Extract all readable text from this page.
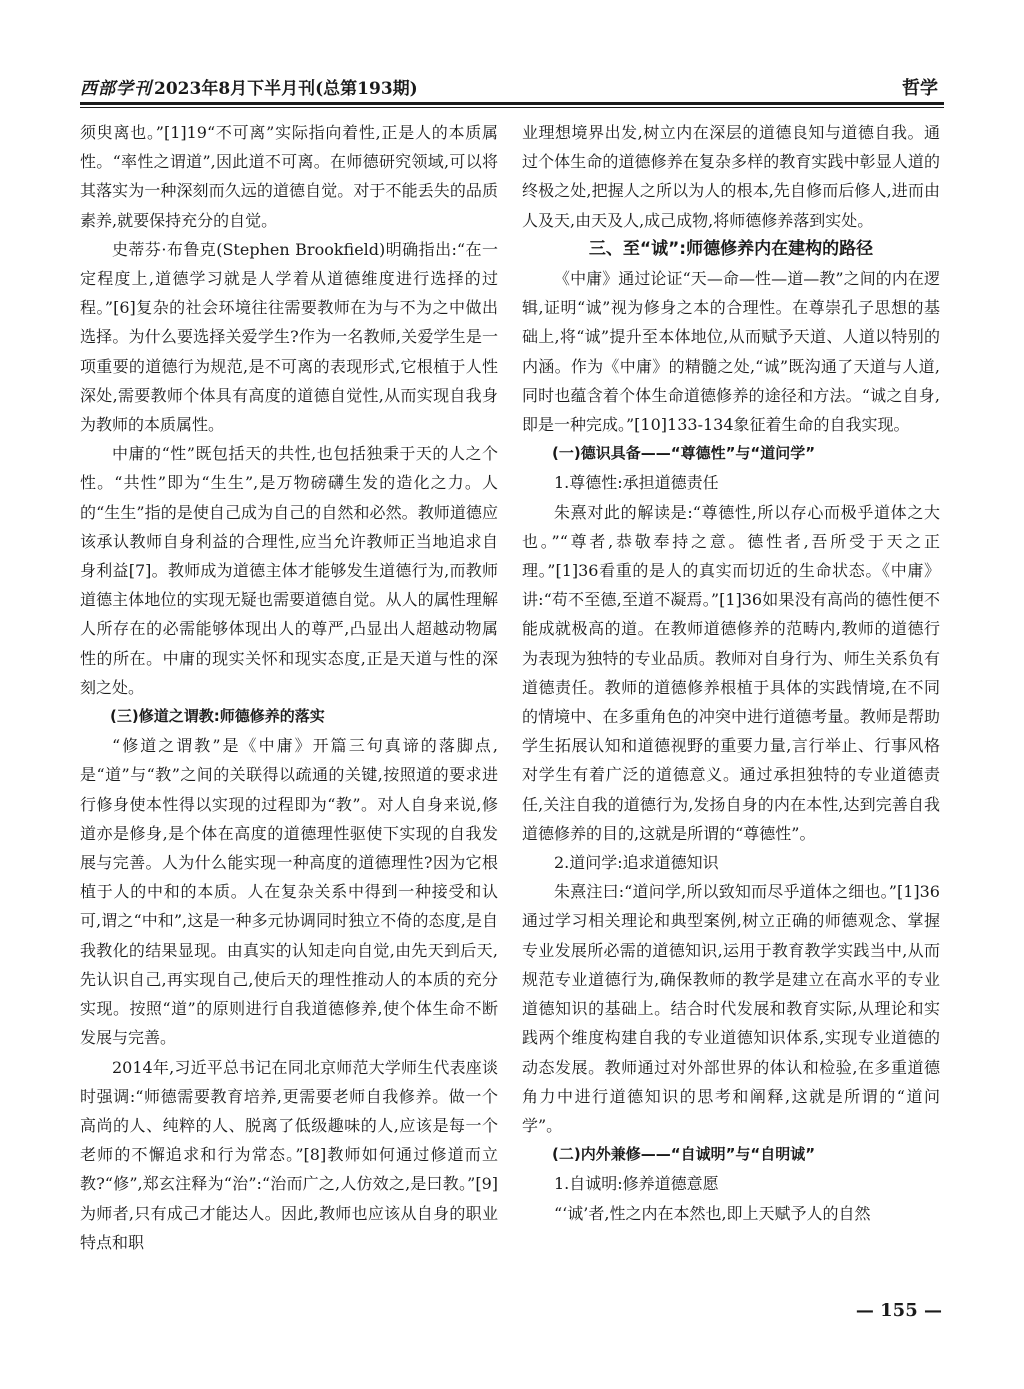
西部学刊 2023年8月下半月刊(总第193期)	哲学

须臾离也。”[1]19“不可离”实际指向着性,正是人的本质属性。“率性之谓道”,因此道不可离。在师德研究领域,可以将其落实为一种深刻而久远的道德自觉。对于不能丢失的品质素养,就要保持充分的自觉。

史蒂芬·布鲁克(Stephen Brookfield)明确指出:“在一定程度上,道德学习就是人学着从道德维度进行选择的过程。”[6]复杂的社会环境往往需要教师在为与不为之中做出选择。为什么要选择关爱学生?作为一名教师,关爱学生是一项重要的道德行为规范,是不可离的表现形式,它根植于人性深处,需要教师个体具有高度的道德自觉性,从而实现自我身为教师的本质属性。

中庸的“性”既包括天的共性,也包括独秉于天的人之个性。“共性”即为“生生”,是万物磅礴生发的造化之力。人的“生生”指的是使自己成为自己的自然和必然。教师道德应该承认教师自身利益的合理性,应当允许教师正当地追求自身利益[7]。教师成为道德主体才能够发生道德行为,而教师道德主体地位的实现无疑也需要道德自觉。从人的属性理解人所存在的必需能够体现出人的尊严,凸显出人超越动物属性的所在。中庸的现实关怀和现实态度,正是天道与性的深刻之处。

(三)修道之谓教:师德修养的落实

“修道之谓教”是《中庸》开篇三句真谛的落脚点,是“道”与“教”之间的关联得以疏通的关键,按照道的要求进行修身使本性得以实现的过程即为“教”。对人自身来说,修道亦是修身,是个体在高度的道德理性驱使下实现的自我发展与完善。人为什么能实现一种高度的道德理性?因为它根植于人的中和的本质。人在复杂关系中得到一种接受和认可,谓之“中和”,这是一种多元协调同时独立不倚的态度,是自我教化的结果显现。由真实的认知走向自觉,由先天到后天,先认识自己,再实现自己,使后天的理性推动人的本质的充分实现。按照“道”的原则进行自我道德修养,使个体生命不断发展与完善。

2014年,习近平总书记在同北京师范大学师生代表座谈时强调:“师德需要教育培养,更需要老师自我修养。做一个高尚的人、纯粹的人、脱离了低级趣味的人,应该是每一个老师的不懈追求和行为常态。”[8]教师如何通过修道而立教?“修”,郑玄注释为“治”:“治而广之,人仿效之,是曰教。”[9]为师者,只有成己才能达人。因此,教师也应该从自身的职业特点和职

业理想境界出发,树立内在深层的道德良知与道德自我。通过个体生命的道德修养在复杂多样的教育实践中彰显人道的终极之处,把握人之所以为人的根本,先自修而后修人,进而由人及天,由天及人,成己成物,将师德修养落到实处。

三、至“诚”:师德修养内在建构的路径

《中庸》通过论证“天—命—性—道—教”之间的内在逻辑,证明“诚”视为修身之本的合理性。在尊崇孔子思想的基础上,将“诚”提升至本体地位,从而赋予天道、人道以特别的内涵。作为《中庸》的精髓之处,“诚”既沟通了天道与人道,同时也蕴含着个体生命道德修养的途径和方法。“诚之自身,即是一种完成。”[10]133-134象征着生命的自我实现。

(一)德识具备——“尊德性”与“道问学”

1.尊德性:承担道德责任

朱熹对此的解读是:“尊德性,所以存心而极乎道体之大也。”“尊者,恭敬奉持之意。德性者,吾所受于天之正理。”[1]36看重的是人的真实而切近的生命状态。《中庸》讲:“苟不至德,至道不凝焉。”[1]36如果没有高尚的德性便不能成就极高的道。在教师道德修养的范畴内,教师的道德行为表现为独特的专业品质。教师对自身行为、师生关系负有道德责任。教师的道德修养根植于具体的实践情境,在不同的情境中、在多重角色的冲突中进行道德考量。教师是帮助学生拓展认知和道德视野的重要力量,言行举止、行事风格对学生有着广泛的道德意义。通过承担独特的专业道德责任,关注自我的道德行为,发扬自身的内在本性,达到完善自我道德修养的目的,这就是所谓的“尊德性”。

2.道问学:追求道德知识

朱熹注曰:“道问学,所以致知而尽乎道体之细也。”[1]36通过学习相关理论和典型案例,树立正确的师德观念、掌握专业发展所必需的道德知识,运用于教育教学实践当中,从而规范专业道德行为,确保教师的教学是建立在高水平的专业道德知识的基础上。结合时代发展和教育实际,从理论和实践两个维度构建自我的专业道德知识体系,实现专业道德的动态发展。教师通过对外部世界的体认和检验,在多重道德角力中进行道德知识的思考和阐释,这就是所谓的“道问学”。

(二)内外兼修——“自诚明”与“自明诚”

1.自诚明:修养道德意愿

“‘诚’者,性之内在本然也,即上天赋予人的自然

— 155 —
